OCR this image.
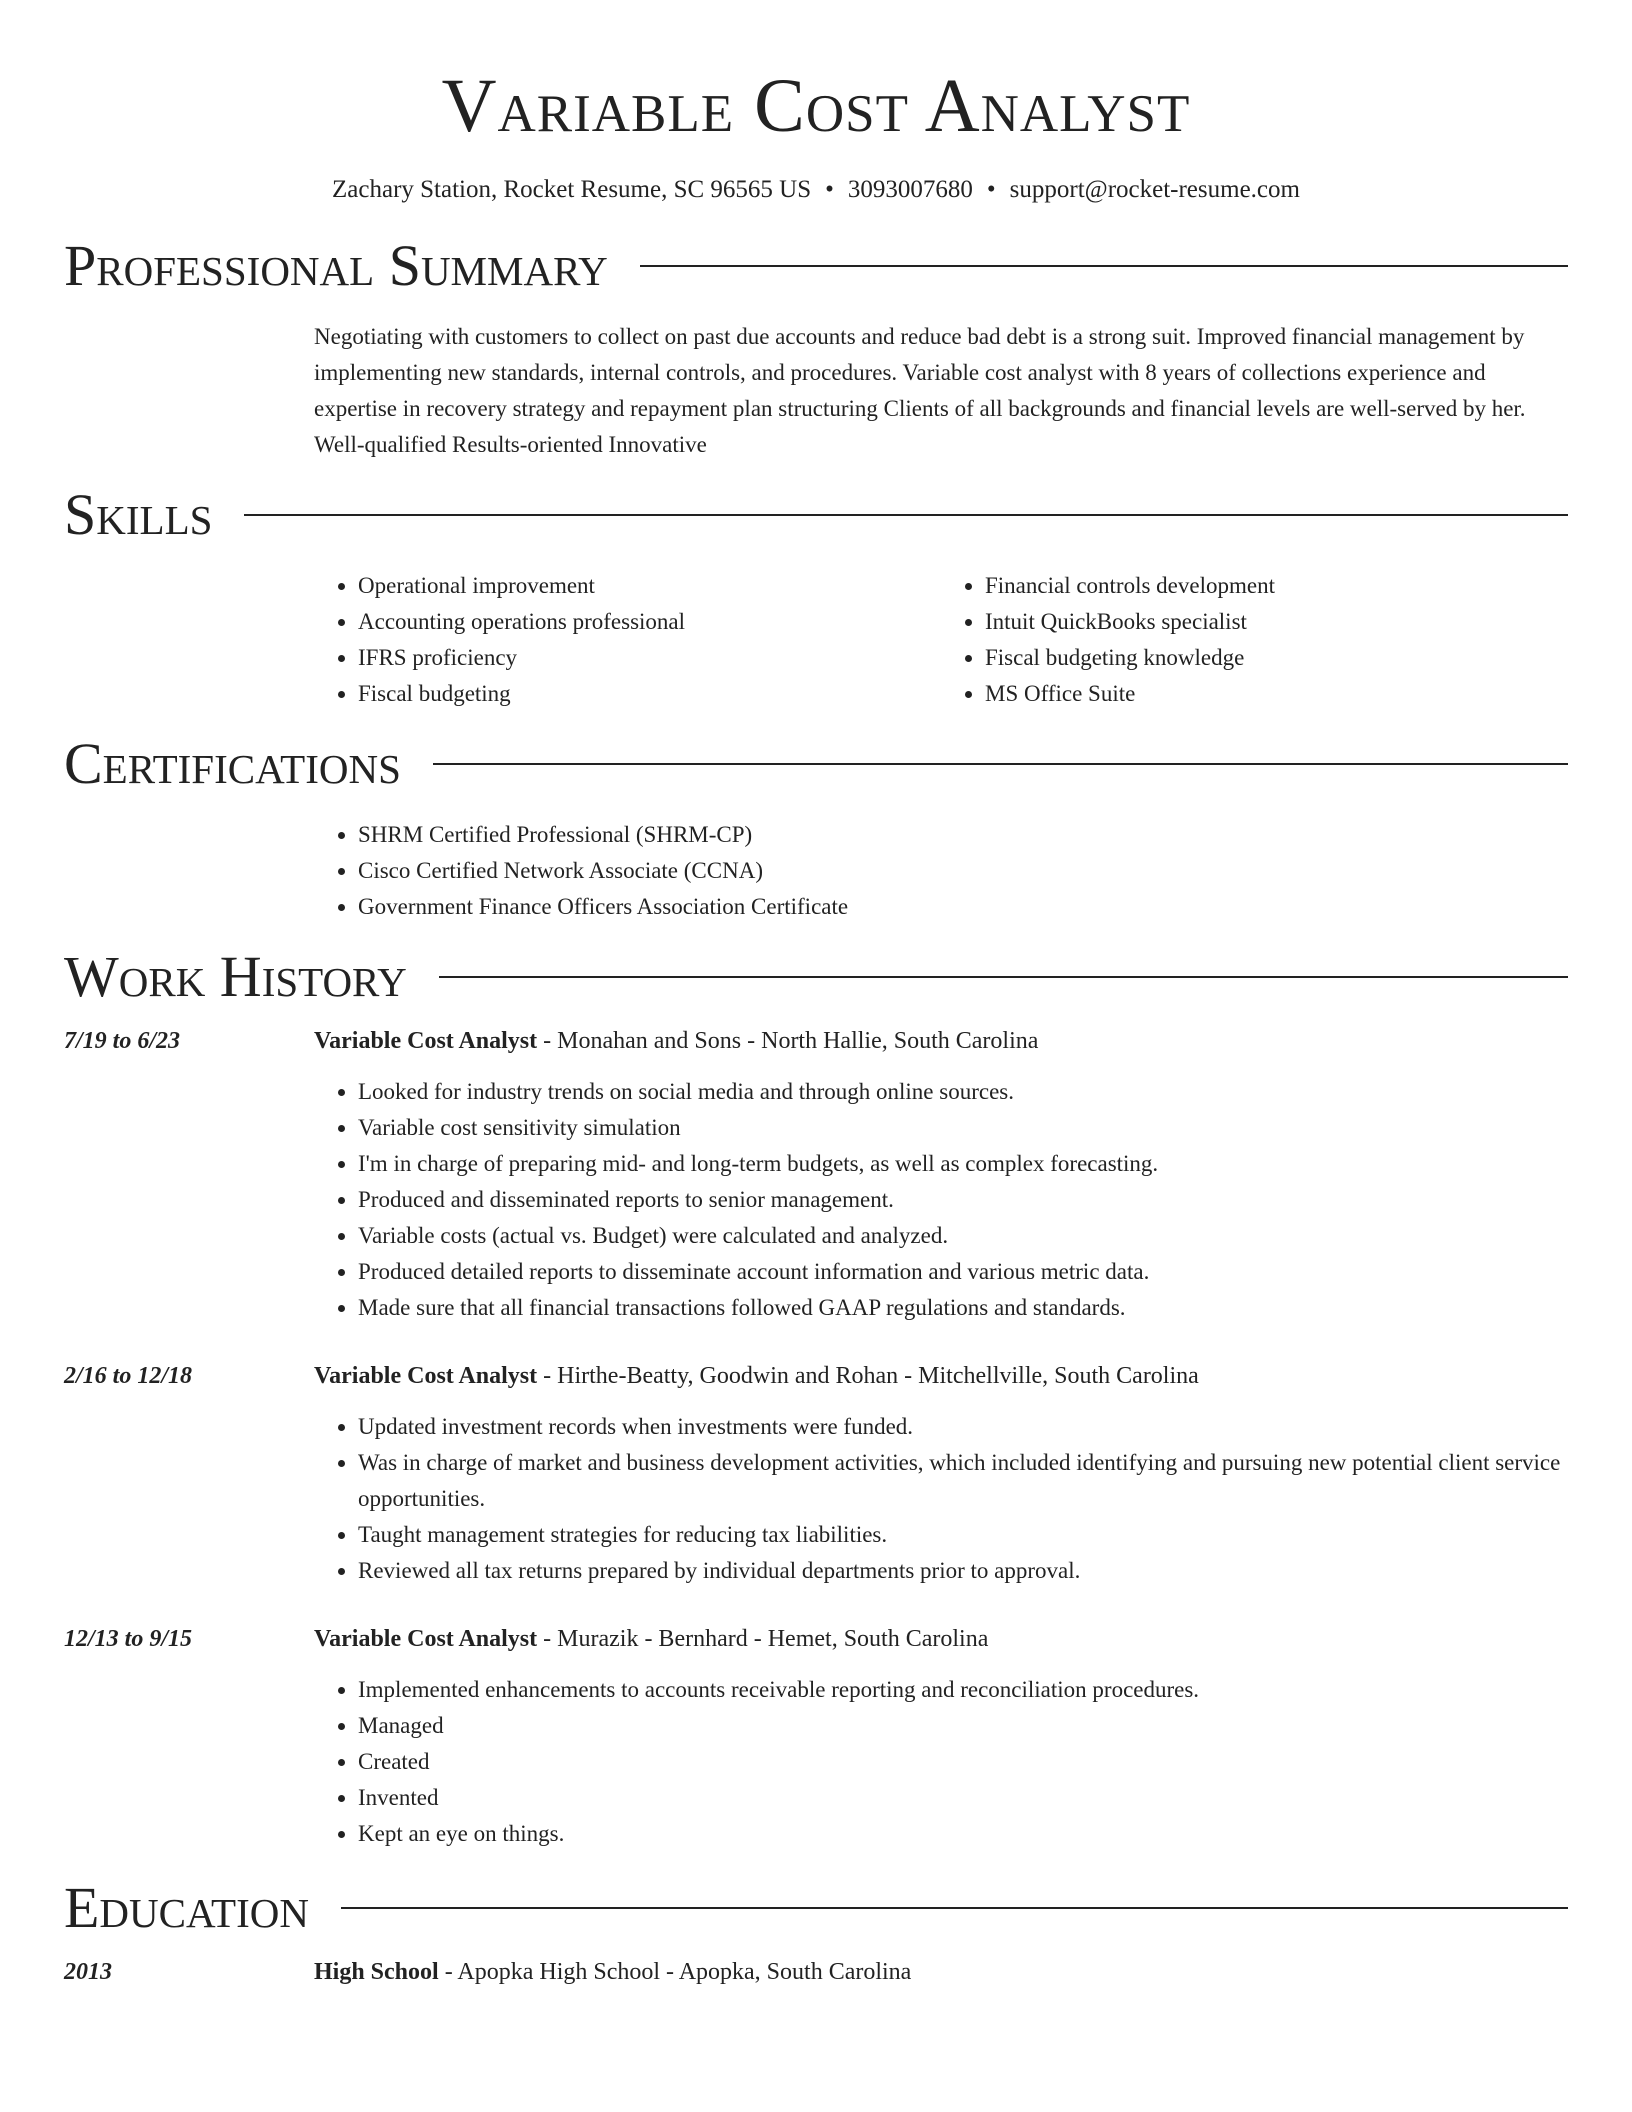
Variable Cost Analyst
Zachary Station, Rocket Resume, SC 96565 US • 3093007680 • support@rocket-resume.com
Professional Summary

Negotiating with customers to collect on past due accounts and reduce bad debt is a strong suit. Improved financial management by implementing new standards, internal controls, and procedures. Variable cost analyst with 8 years of collections experience and expertise in recovery strategy and repayment plan structuring Clients of all backgrounds and financial levels are well-served by her. Well-qualified Results-oriented Innovative

Skills
• Operational improvement
• Accounting operations professional
• IFRS proficiency
• Fiscal budgeting
• Financial controls development
• Intuit QuickBooks specialist
• Fiscal budgeting knowledge
• MS Office Suite
Certifications
• SHRM Certified Professional (SHRM-CP)
• Cisco Certified Network Associate (CCNA)
• Government Finance Officers Association Certificate
Work History
7/19 to 6/23	Variable Cost Analyst - Monahan and Sons - North Hallie, South Carolina
• Looked for industry trends on social media and through online sources.
• Variable cost sensitivity simulation
• I'm in charge of preparing mid- and long-term budgets, as well as complex forecasting.
• Produced and disseminated reports to senior management.
• Variable costs (actual vs. Budget) were calculated and analyzed.
• Produced detailed reports to disseminate account information and various metric data.
• Made sure that all financial transactions followed GAAP regulations and standards.
2/16 to 12/18	Variable Cost Analyst - Hirthe-Beatty, Goodwin and Rohan - Mitchellville, South Carolina
• Updated investment records when investments were funded.
• Was in charge of market and business development activities, which included identifying and pursuing new potential client service opportunities.
• Taught management strategies for reducing tax liabilities.
• Reviewed all tax returns prepared by individual departments prior to approval.
12/13 to 9/15	Variable Cost Analyst - Murazik - Bernhard - Hemet, South Carolina
• Implemented enhancements to accounts receivable reporting and reconciliation procedures.
• Managed
• Created
• Invented
• Kept an eye on things.
Education
2013	High School - Apopka High School - Apopka, South Carolina
